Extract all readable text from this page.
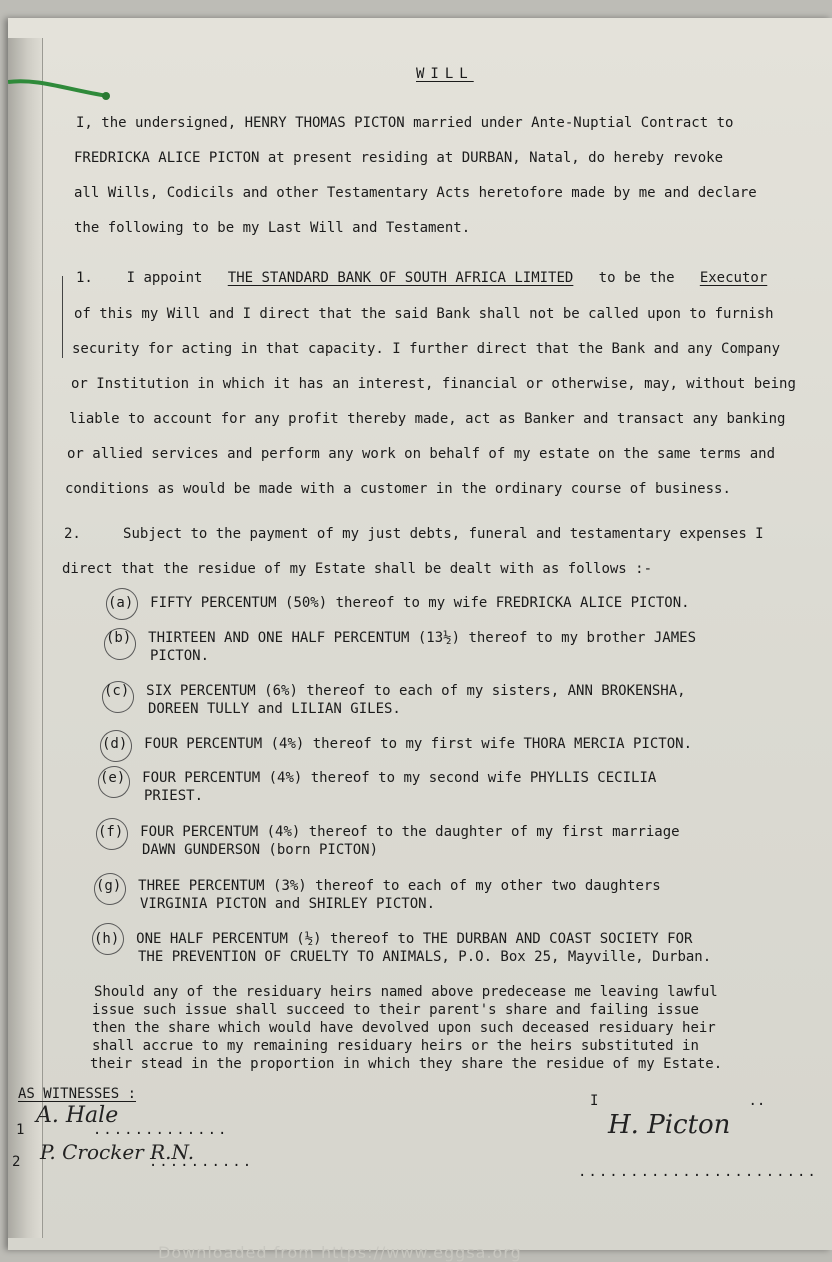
WILL
I, the undersigned, HENRY THOMAS PICTON married under Ante-Nuptial Contract to
FREDRICKA ALICE PICTON at present residing at DURBAN, Natal, do hereby revoke
all Wills, Codicils and other Testamentary Acts heretofore made by me and declare
the following to be my Last Will and Testament.
1. I appoint THE STANDARD BANK OF SOUTH AFRICA LIMITED to be the Executor
of this my Will and I direct that the said Bank shall not be called upon to furnish
security for acting in that capacity. I further direct that the Bank and any Company
or Institution in which it has an interest, financial or otherwise, may, without being
liable to account for any profit thereby made, act as Banker and transact any banking
or allied services and perform any work on behalf of my estate on the same terms and
conditions as would be made with a customer in the ordinary course of business.
2.	Subject to the payment of my just debts, funeral and testamentary expenses I
direct that the residue of my Estate shall be dealt with as follows :-
(a) FIFTY PERCENTUM (50%) thereof to my wife FREDRICKA ALICE PICTON.
(b) THIRTEEN AND ONE HALF PERCENTUM (13½) thereof to my brother JAMES
PICTON.
(c) SIX PERCENTUM (6%) thereof to each of my sisters, ANN BROKENSHA,
DOREEN TULLY and LILIAN GILES.
(d) FOUR PERCENTUM (4%) thereof to my first wife THORA MERCIA PICTON.
(e) FOUR PERCENTUM (4%) thereof to my second wife PHYLLIS CECILIA
PRIEST.
(f) FOUR PERCENTUM (4%) thereof to the daughter of my first marriage
DAWN GUNDERSON (born PICTON)
(g) THREE PERCENTUM (3%) thereof to each of my other two daughters
VIRGINIA PICTON and SHIRLEY PICTON.
(h) ONE HALF PERCENTUM (½) thereof to THE DURBAN AND COAST SOCIETY FOR
THE PREVENTION OF CRUELTY TO ANIMALS, P.O. Box 25, Mayville, Durban.
Should any of the residuary heirs named above predecease me leaving lawful
issue such issue shall succeed to their parent's share and failing issue
then the share which would have devolved upon such deceased residuary heir
shall accrue to my remaining residuary heirs or the heirs substituted in
their stead in the proportion in which they share the residue of my Estate.
AS WITNESSES :
1	.............
A. Hale
2	..........
P. Crocker R.N.
I	..
H. Picton
.......................
Downloaded from https://www.eggsa.org
